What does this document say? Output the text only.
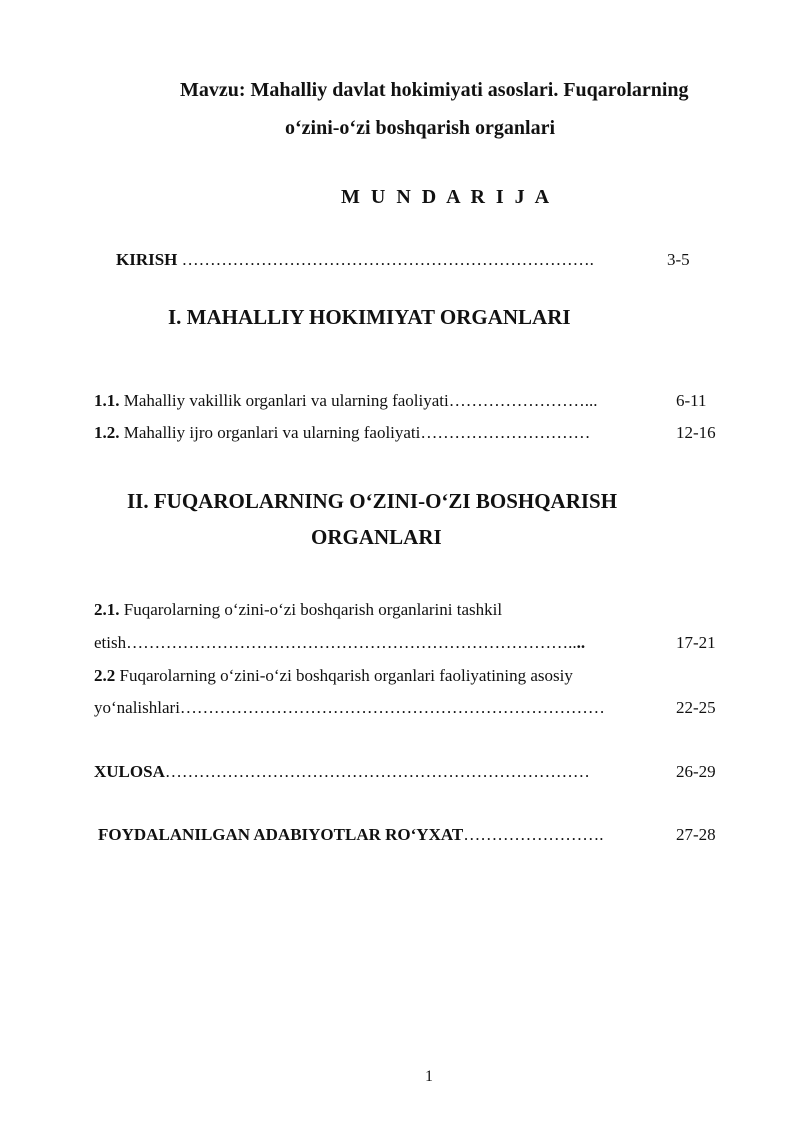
Mavzu: Mahalliy davlat hokimiyati asoslari. Fuqarolarning
o‘zini-o‘zi boshqarish organlari
M U N D A R I J A
KIRISH ……………………………………………………………….	3-5
I. MAHALLIY HOKIMIYAT ORGANLARI
1.1. Mahalliy vakillik organlari va ularning faoliyati……………………...	6-11
1.2. Mahalliy ijro organlari va ularning faoliyati…………………………	12-16
II. FUQAROLARNING O‘ZINI-O‘ZI BOSHQARISH
ORGANLARI
2.1. Fuqarolarning o‘zini-o‘zi boshqarish organlarini tashkil
etish……………………………………………………………………....	17-21
2.2 Fuqarolarning o‘zini-o‘zi boshqarish organlari faoliyatining asosiy
yo‘nalishlari…………………………………………………………………	22-25
XULOSA…………………………………………………………………	26-29
FOYDALANILGAN ADABIYOTLAR RO‘YXAT…………………….	27-28
1
